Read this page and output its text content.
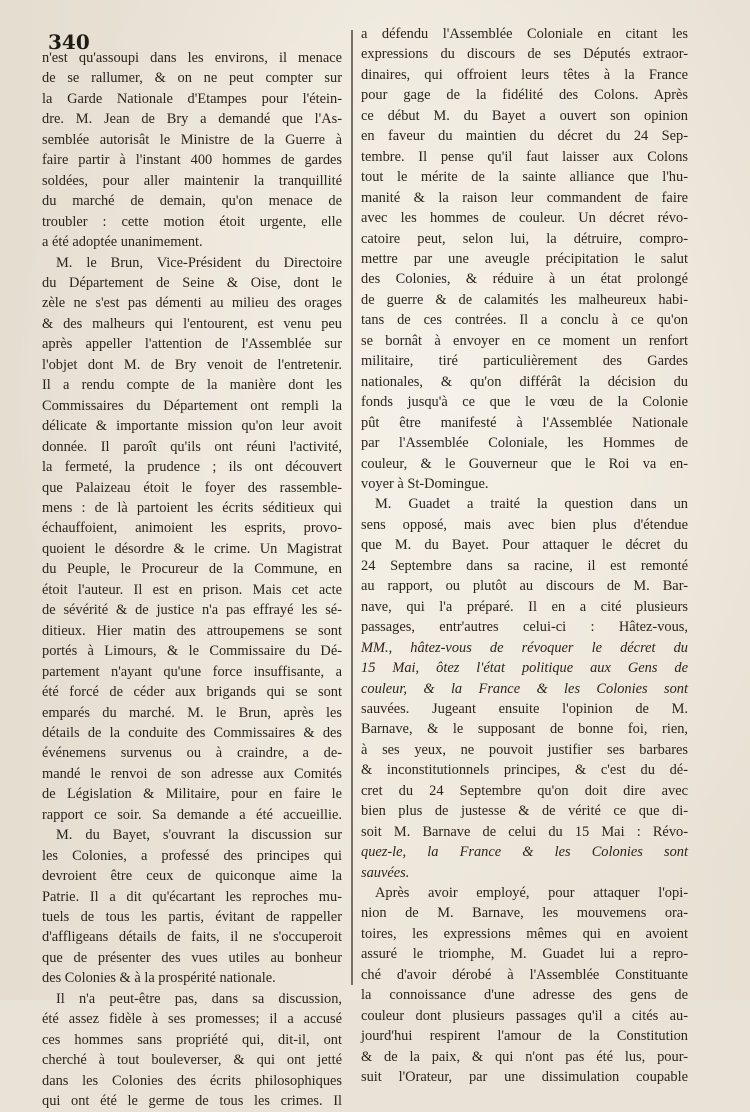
340
n'est qu'assoupi dans les environs, il menace
de se rallumer, & on ne peut compter sur
la Garde Nationale d'Etampes pour l'étein-
dre. M. Jean de Bry a demandé que l'As-
semblée autorisât le Ministre de la Guerre à
faire partir à l'instant 400 hommes de gardes
soldées, pour aller maintenir la tranquillité
du marché de demain, qu'on menace de
troubler : cette motion étoit urgente, elle
a été adoptée unanimement.
M. le Brun, Vice-Président du Directoire
du Département de Seine & Oise, dont le
zèle ne s'est pas démenti au milieu des orages
& des malheurs qui l'entourent, est venu peu
après appeller l'attention de l'Assemblée sur
l'objet dont M. de Bry venoit de l'entretenir.
Il a rendu compte de la manière dont les
Commissaires du Département ont rempli la
délicate & importante mission qu'on leur avoit
donnée. Il paroît qu'ils ont réuni l'activité,
la fermeté, la prudence ; ils ont découvert
que Palaizeau étoit le foyer des rassemble-
mens : de là partoient les écrits séditieux qui
échauffoient, animoient les esprits, provo-
quoient le désordre & le crime. Un Magistrat
du Peuple, le Procureur de la Commune, en
étoit l'auteur. Il est en prison. Mais cet acte
de sévérité & de justice n'a pas effrayé les sé-
ditieux. Hier matin des attroupemens se sont
portés à Limours, & le Commissaire du Dé-
partement n'ayant qu'une force insuffisante, a
été forcé de céder aux brigands qui se sont
emparés du marché. M. le Brun, après les
détails de la conduite des Commissaires & des
événemens survenus ou à craindre, a de-
mandé le renvoi de son adresse aux Comités
de Législation & Militaire, pour en faire le
rapport ce soir. Sa demande a été accueillie.
M. du Bayet, s'ouvrant la discussion sur
les Colonies, a professé des principes qui
devroient être ceux de quiconque aime la
Patrie. Il a dit qu'écartant les reproches mu-
tuels de tous les partis, évitant de rappeller
d'affligeans détails de faits, il ne s'occuperoit
que de présenter des vues utiles au bonheur
des Colonies & à la prospérité nationale.
Il n'a peut-être pas, dans sa discussion,
été assez fidèle à ses promesses; il a accusé
ces hommes sans propriété qui, dit-il, ont
cherché à tout bouleverser, & qui ont jetté
dans les Colonies des écrits philosophiques
qui ont été le germe de tous les crimes. Il
a défendu l'Assemblée Coloniale en citant les
expressions du discours de ses Députés extraor-
dinaires, qui offroient leurs têtes à la France
pour gage de la fidélité des Colons. Après
ce début M. du Bayet a ouvert son opinion
en faveur du maintien du décret du 24 Sep-
tembre. Il pense qu'il faut laisser aux Colons
tout le mérite de la sainte alliance que l'hu-
manité & la raison leur commandent de faire
avec les hommes de couleur. Un décret révo-
catoire peut, selon lui, la détruire, compro-
mettre par une aveugle précipitation le salut
des Colonies, & réduire à un état prolongé
de guerre & de calamités les malheureux habi-
tans de ces contrées. Il a conclu à ce qu'on
se bornât à envoyer en ce moment un renfort
militaire, tiré particulièrement des Gardes
nationales, & qu'on différât la décision du
fonds jusqu'à ce que le vœu de la Colonie
pût être manifesté à l'Assemblée Nationale
par l'Assemblée Coloniale, les Hommes de
couleur, & le Gouverneur que le Roi va en-
voyer à St-Domingue.
M. Guadet a traité la question dans un
sens opposé, mais avec bien plus d'étendue
que M. du Bayet. Pour attaquer le décret du
24 Septembre dans sa racine, il est remonté
au rapport, ou plutôt au discours de M. Bar-
nave, qui l'a préparé. Il en a cité plusieurs
passages, entr'autres celui-ci : Hâtez-vous,
MM., hâtez-vous de révoquer le décret du
15 Mai, ôtez l'état politique aux Gens de
couleur, & la France & les Colonies sont
sauvées. Jugeant ensuite l'opinion de M.
Barnave, & le supposant de bonne foi, rien,
à ses yeux, ne pouvoit justifier ses barbares
& inconstitutionnels principes, & c'est du dé-
cret du 24 Septembre qu'on doit dire avec
bien plus de justesse & de vérité ce que di-
soit M. Barnave de celui du 15 Mai : Révo-
quez-le, la France & les Colonies sont
sauvées.
Après avoir employé, pour attaquer l'opi-
nion de M. Barnave, les mouvemens ora-
toires, les expressions mêmes qui en avoient
assuré le triomphe, M. Guadet lui a repro-
ché d'avoir dérobé à l'Assemblée Constituante
la connoissance d'une adresse des gens de
couleur dont plusieurs passages qu'il a cités au-
jourd'hui respirent l'amour de la Constitution
& de la paix, & qui n'ont pas été lus, pour-
suit l'Orateur, par une dissimulation coupable
